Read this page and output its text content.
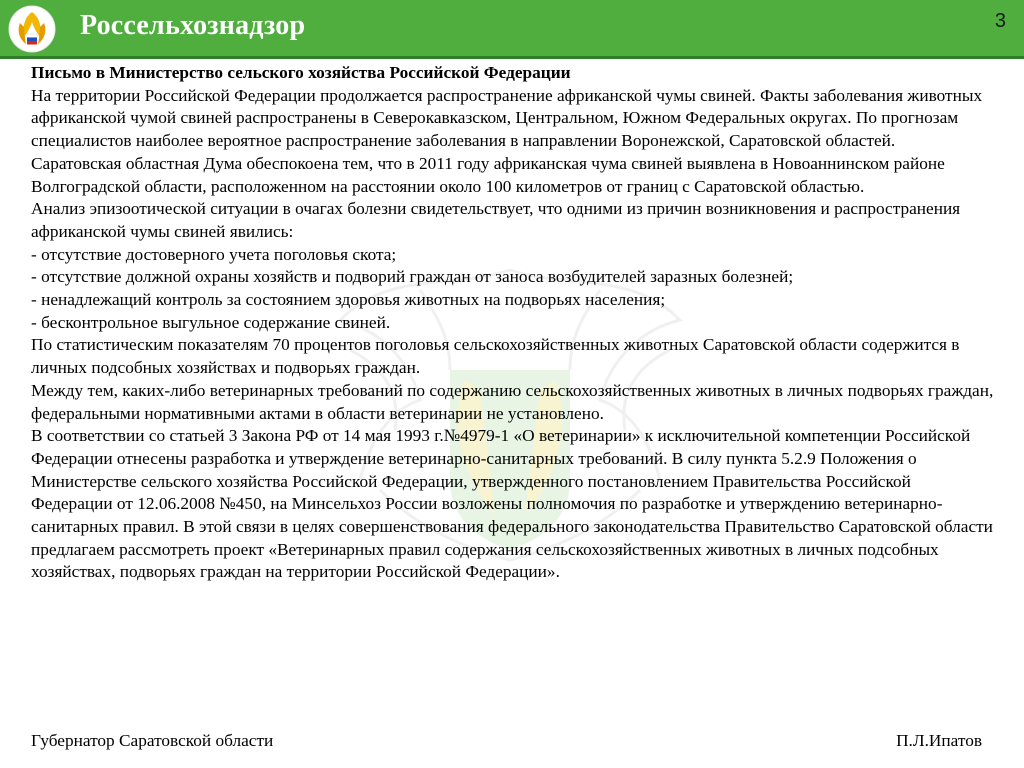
Россельхознадзор	3

Письмо в Министерство сельского хозяйства Российской Федерации

На территории Российской Федерации продолжается распространение африканской чумы свиней. Факты заболевания животных африканской чумой свиней распространены в Северокавказском, Центральном, Южном Федеральных округах. По прогнозам специалистов наиболее вероятное распространение заболевания в направлении Воронежской, Саратовской областей.

Саратовская областная Дума обеспокоена тем, что в 2011 году африканская чума свиней выявлена в Новоаннинском районе Волгоградской области, расположенном на расстоянии около 100 километров от границ с Саратовской областью.

Анализ эпизоотической ситуации в очагах болезни свидетельствует, что одними из причин возникновения и распространения африканской чумы свиней явились:

- отсутствие достоверного учета поголовья скота;

- отсутствие должной охраны хозяйств и подворий граждан от заноса возбудителей заразных болезней;

- ненадлежащий контроль за состоянием здоровья животных на подворьях населения;

- бесконтрольное выгульное содержание свиней.

По статистическим показателям 70 процентов поголовья сельскохозяйственных животных Саратовской области содержится в личных подсобных хозяйствах и подворьях граждан.

Между тем, каких-либо ветеринарных требований по содержанию сельскохозяйственных животных в личных подворьях граждан, федеральными нормативными актами в области ветеринарии не установлено.

В соответствии со статьей 3 Закона РФ от 14 мая 1993 г.№4979-1 «О ветеринарии» к исключительной компетенции Российской Федерации отнесены разработка и утверждение ветеринарно-санитарных требований. В силу пункта 5.2.9 Положения о Министерстве сельского хозяйства Российской Федерации, утвержденного постановлением Правительства Российской Федерации от 12.06.2008 №450, на Минсельхоз России возложены полномочия по разработке и утверждению ветеринарно-санитарных правил. В этой связи в целях совершенствования федерального законодательства Правительство Саратовской области предлагаем рассмотреть проект «Ветеринарных правил содержания сельскохозяйственных животных в личных подсобных хозяйствах, подворьях граждан на территории Российской Федерации».

Губернатор Саратовской области	П.Л.Ипатов
